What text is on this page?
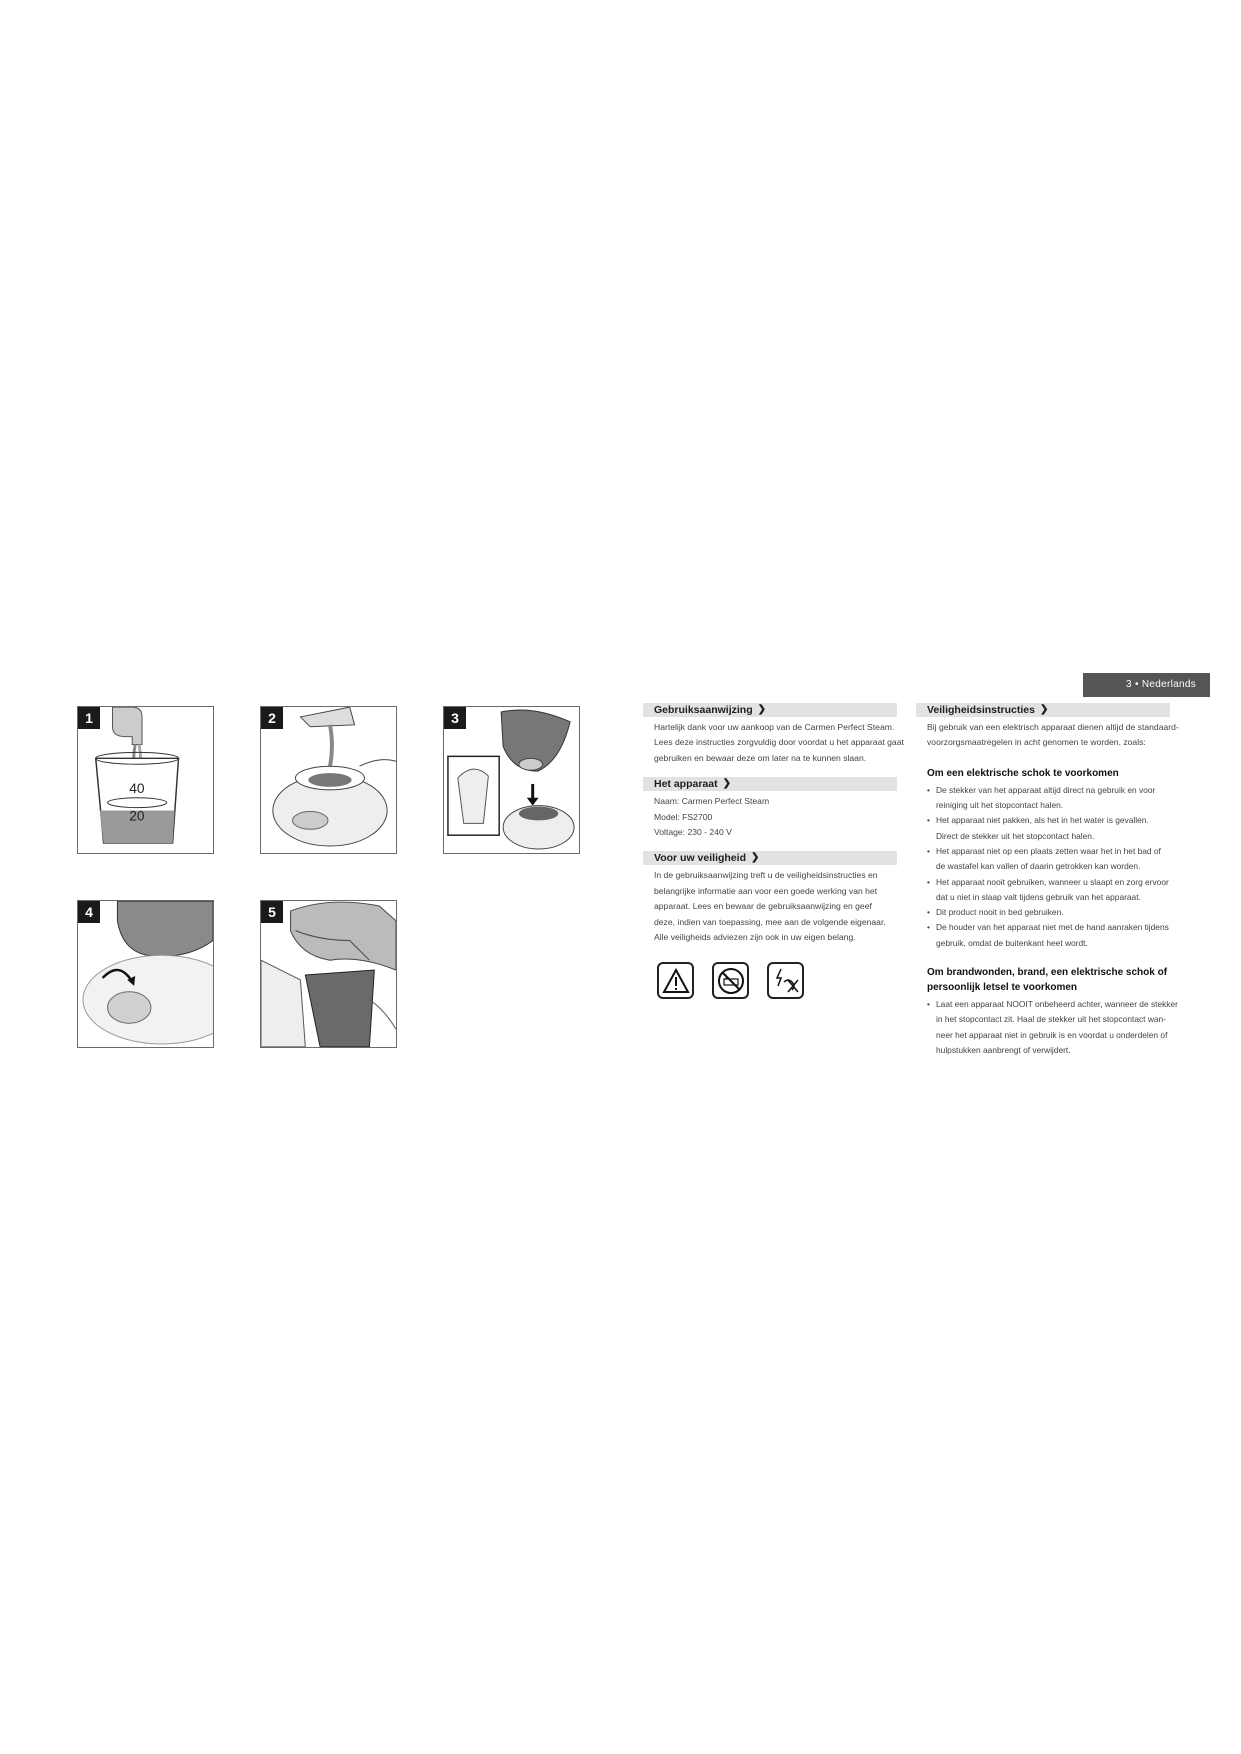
3 • Nederlands
1
40
20
2	3
4	5
Gebruiksaanwijzing ❯
Hartelijk dank voor uw aankoop van de Carmen Perfect Steam.
Lees deze instructies zorgvuldig door voordat u het apparaat gaat
gebruiken en bewaar deze om later na te kunnen slaan.
Het apparaat ❯
Naam: Carmen Perfect Steam
Model: FS2700
Voltage: 230 - 240 V
Voor uw veiligheid ❯
In de gebruiksaanwijzing treft u de veiligheidsinstructies en
belangrijke informatie aan voor een goede werking van het
apparaat. Lees en bewaar de gebruiksaanwijzing en geef
deze, indien van toepassing, mee aan de volgende eigenaar.
Alle veiligheids adviezen zijn ook in uw eigen belang.
Veiligheidsinstructies ❯
Bij gebruik van een elektrisch apparaat dienen altijd de standaard-
voorzorgsmaatregelen in acht genomen te worden, zoals:
Om een elektrische schok te voorkomen
• De stekker van het apparaat altijd direct na gebruik en voor
reiniging uit het stopcontact halen.
• Het apparaat niet pakken, als het in het water is gevallen.
Direct de stekker uit het stopcontact halen.
• Het apparaat niet op een plaats zetten waar het in het bad of
de wastafel kan vallen of daarin getrokken kan worden.
• Het apparaat nooit gebruiken, wanneer u slaapt en zorg ervoor
dat u niet in slaap valt tijdens gebruik van het apparaat.
• Dit product nooit in bed gebruiken.
• De houder van het apparaat niet met de hand aanraken tijdens
gebruik, omdat de buitenkant heet wordt.
Om brandwonden, brand, een elektrische schok of
persoonlijk letsel te voorkomen
• Laat een apparaat NOOIT onbeheerd achter, wanneer de stekker
in het stopcontact zit. Haal de stekker uit het stopcontact wan-
neer het apparaat niet in gebruik is en voordat u onderdelen of
hulpstukken aanbrengt of verwijdert.
